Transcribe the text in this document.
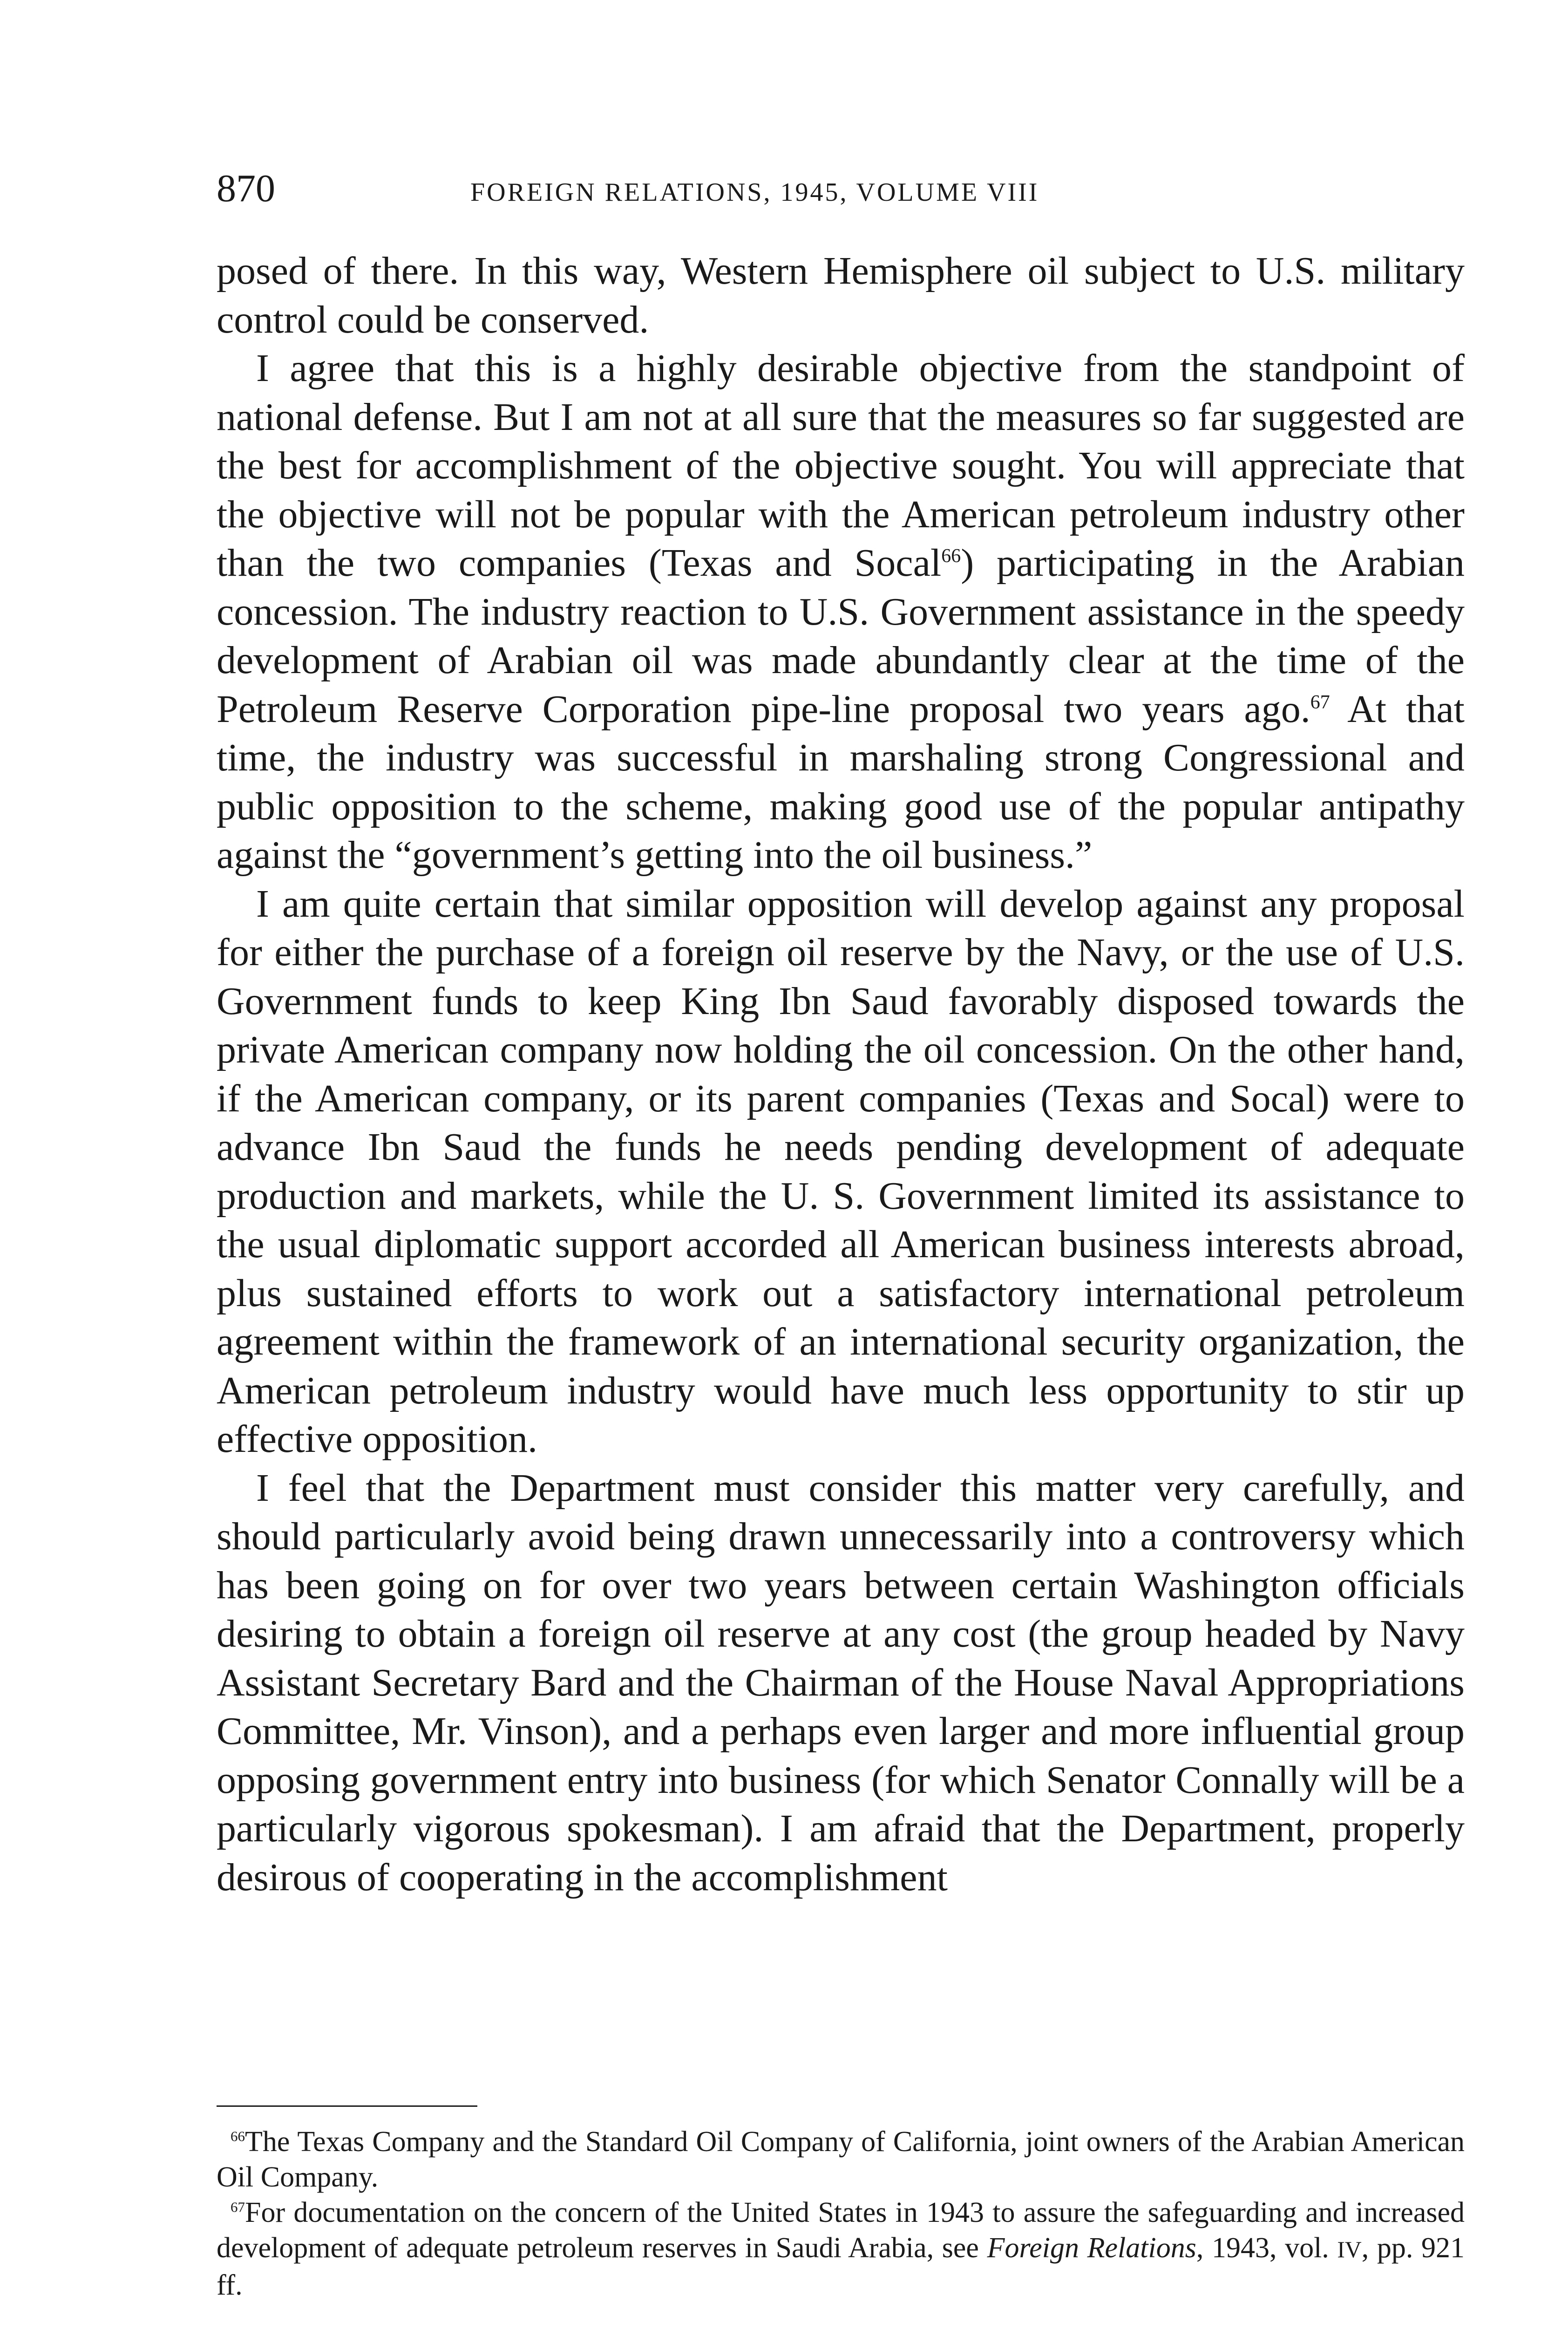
870	FOREIGN RELATIONS, 1945, VOLUME VIII

posed of there. In this way, Western Hemisphere oil subject to U.S. military control could be conserved.

I agree that this is a highly desirable objective from the standpoint of national defense. But I am not at all sure that the measures so far suggested are the best for accomplishment of the objective sought. You will appreciate that the objective will not be popular with the American petroleum industry other than the two companies (Texas and Socal$^{66}$) participating in the Arabian concession. The industry reaction to U.S. Government assistance in the speedy development of Arabian oil was made abundantly clear at the time of the Petroleum Reserve Corporation pipe-line proposal two years ago.$^{67}$ At that time, the industry was successful in marshaling strong Congressional and public opposition to the scheme, making good use of the popular antipathy against the “government’s getting into the oil business.”

I am quite certain that similar opposition will develop against any proposal for either the purchase of a foreign oil reserve by the Navy, or the use of U.S. Government funds to keep King Ibn Saud favorably disposed towards the private American company now holding the oil concession. On the other hand, if the American company, or its parent companies (Texas and Socal) were to advance Ibn Saud the funds he needs pending development of adequate production and markets, while the U. S. Government limited its assistance to the usual diplomatic support accorded all American business interests abroad, plus sustained efforts to work out a satisfactory international petroleum agreement within the framework of an international security organization, the American petroleum industry would have much less opportunity to stir up effective opposition.

I feel that the Department must consider this matter very carefully, and should particularly avoid being drawn unnecessarily into a controversy which has been going on for over two years between certain Washington officials desiring to obtain a foreign oil reserve at any cost (the group headed by Navy Assistant Secretary Bard and the Chairman of the House Naval Appropriations Committee, Mr. Vinson), and a perhaps even larger and more influential group opposing government entry into business (for which Senator Connally will be a particularly vigorous spokesman). I am afraid that the Department, properly desirous of cooperating in the accomplishment

$^{66}$The Texas Company and the Standard Oil Company of California, joint owners of the Arabian American Oil Company.

$^{67}$For documentation on the concern of the United States in 1943 to assure the safeguarding and increased development of adequate petroleum reserves in Saudi Arabia, see Foreign Relations, 1943, vol. IV, pp. 921 ff.
